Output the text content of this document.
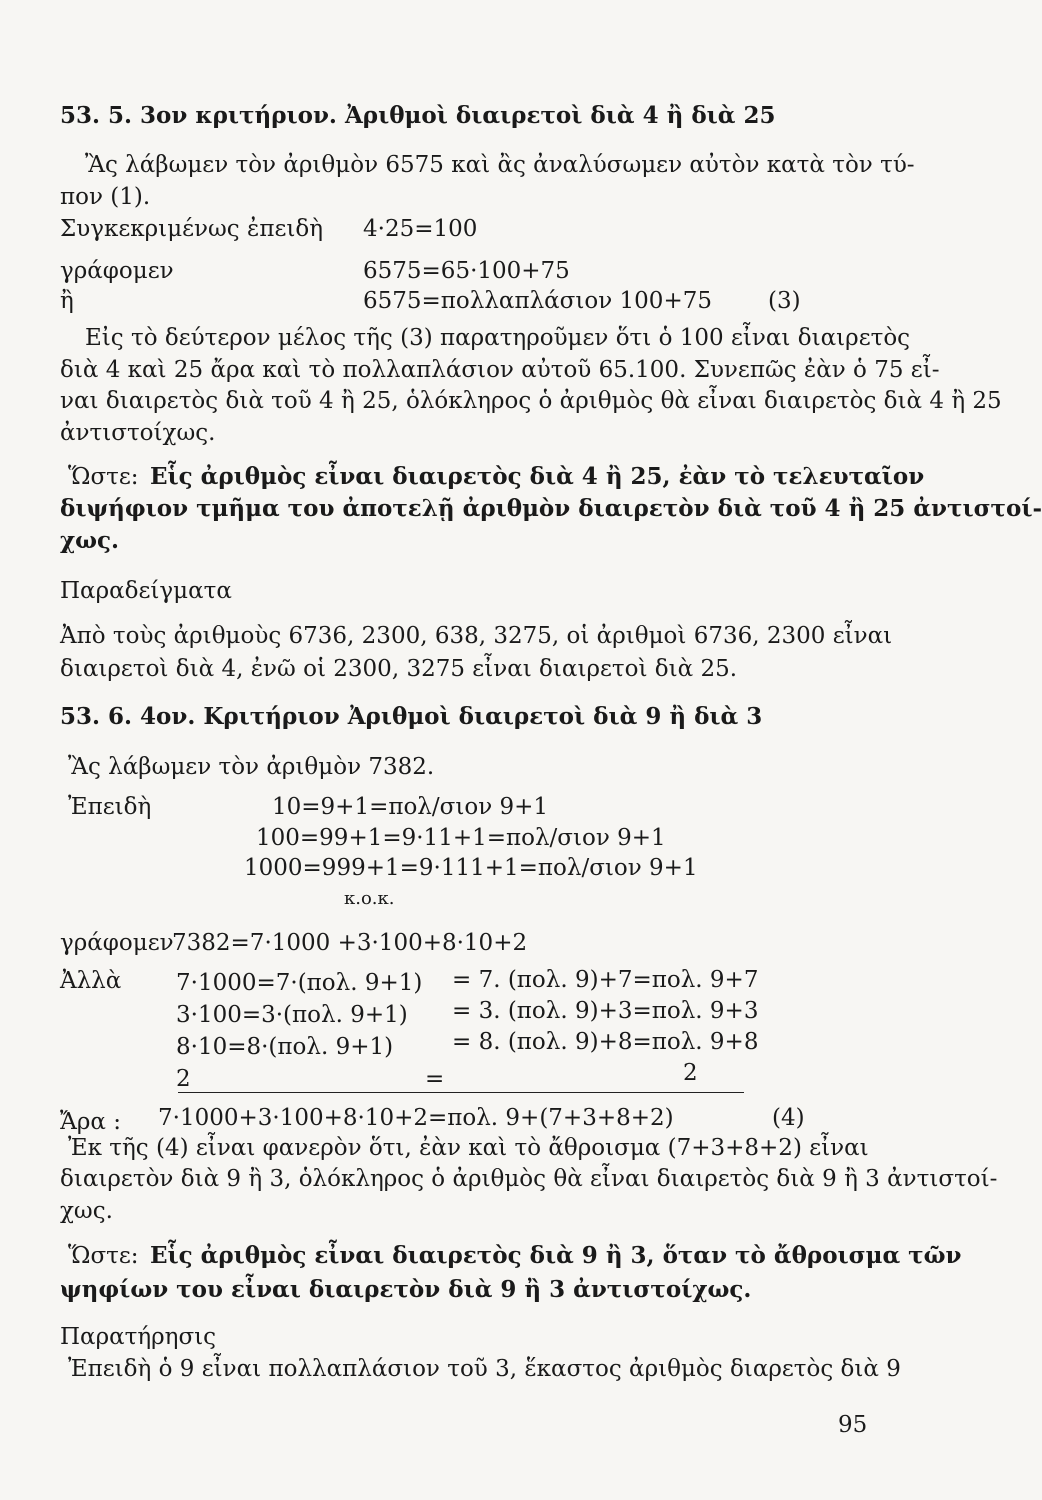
53. 5. 3ον κριτήριον. Ἀριθμοὶ διαιρετοὶ διὰ 4 ἢ διὰ 25
Ἂς λάβωμεν τὸν ἀριθμὸν 6575 καὶ ἂς ἀναλύσωμεν αὐτὸν κατὰ τὸν τύ-
πον (1).
Συγκεκριμένως ἐπειδὴ 4·25=100
γράφομεν	6575=65·100+75
ἢ	6575=πολλαπλάσιον 100+75 (3)
Εἰς τὸ δεύτερον μέλος τῆς (3) παρατηροῦμεν ὅτι ὁ 100 εἶναι διαιρετὸς
διὰ 4 καὶ 25 ἄρα καὶ τὸ πολλαπλάσιον αὐτοῦ 65.100. Συνεπῶς ἐὰν ὁ 75 εἶ-
ναι διαιρετὸς διὰ τοῦ 4 ἢ 25, ὁλόκληρος ὁ ἀριθμὸς θὰ εἶναι διαιρετὸς διὰ 4 ἢ 25
ἀντιστοίχως.
Ὥστε: Εἷς ἀριθμὸς εἶναι διαιρετὸς διὰ 4 ἢ 25, ἐὰν τὸ τελευταῖον
διψήφιον τμῆμα του ἀποτελῇ ἀριθμὸν διαιρετὸν διὰ τοῦ 4 ἢ 25 ἀντιστοί-
χως.
Παραδείγματα
Ἀπὸ τοὺς ἀριθμοὺς 6736, 2300, 638, 3275, οἱ ἀριθμοὶ 6736, 2300 εἶναι
διαιρετοὶ διὰ 4, ἐνῶ οἱ 2300, 3275 εἶναι διαιρετοὶ διὰ 25.
53. 6. 4ον. Κριτήριον Ἀριθμοὶ διαιρετοὶ διὰ 9 ἢ διὰ 3
Ἂς λάβωμεν τὸν ἀριθμὸν 7382.
Ἐπειδὴ	10=9+1=πολ/σιον 9+1
100=99+1=9·11+1=πολ/σιον 9+1
1000=999+1=9·111+1=πολ/σιον 9+1
κ.ο.κ.
γράφομεν
7382=7·1000 +3·100+8·10+2
Ἀλλὰ 7·1000=7·(πολ. 9+1) = 7. (πολ. 9)+7=πολ. 9+7
3·100=3·(πολ. 9+1) = 3. (πολ. 9)+3=πολ. 9+3
8·10=8·(πολ. 9+1)	= 8. (πολ. 9)+8=πολ. 9+8
2	=	2
Ἄρα : 7·1000+3·100+8·10+2=πολ. 9+(7+3+8+2)	(4)
Ἐκ τῆς (4) εἶναι φανερὸν ὅτι, ἐὰν καὶ τὸ ἄθροισμα (7+3+8+2) εἶναι
διαιρετὸν διὰ 9 ἢ 3, ὁλόκληρος ὁ ἀριθμὸς θὰ εἶναι διαιρετὸς διὰ 9 ἢ 3 ἀντιστοί-
χως.
Ὥστε: Εἷς ἀριθμὸς εἶναι διαιρετὸς διὰ 9 ἢ 3, ὅταν τὸ ἄθροισμα τῶν
ψηφίων του εἶναι διαιρετὸν διὰ 9 ἢ 3 ἀντιστοίχως.
Παρατήρησις
Ἐπειδὴ ὁ 9 εἶναι πολλαπλάσιον τοῦ 3, ἕκαστος ἀριθμὸς διαρετὸς διὰ 9
95
